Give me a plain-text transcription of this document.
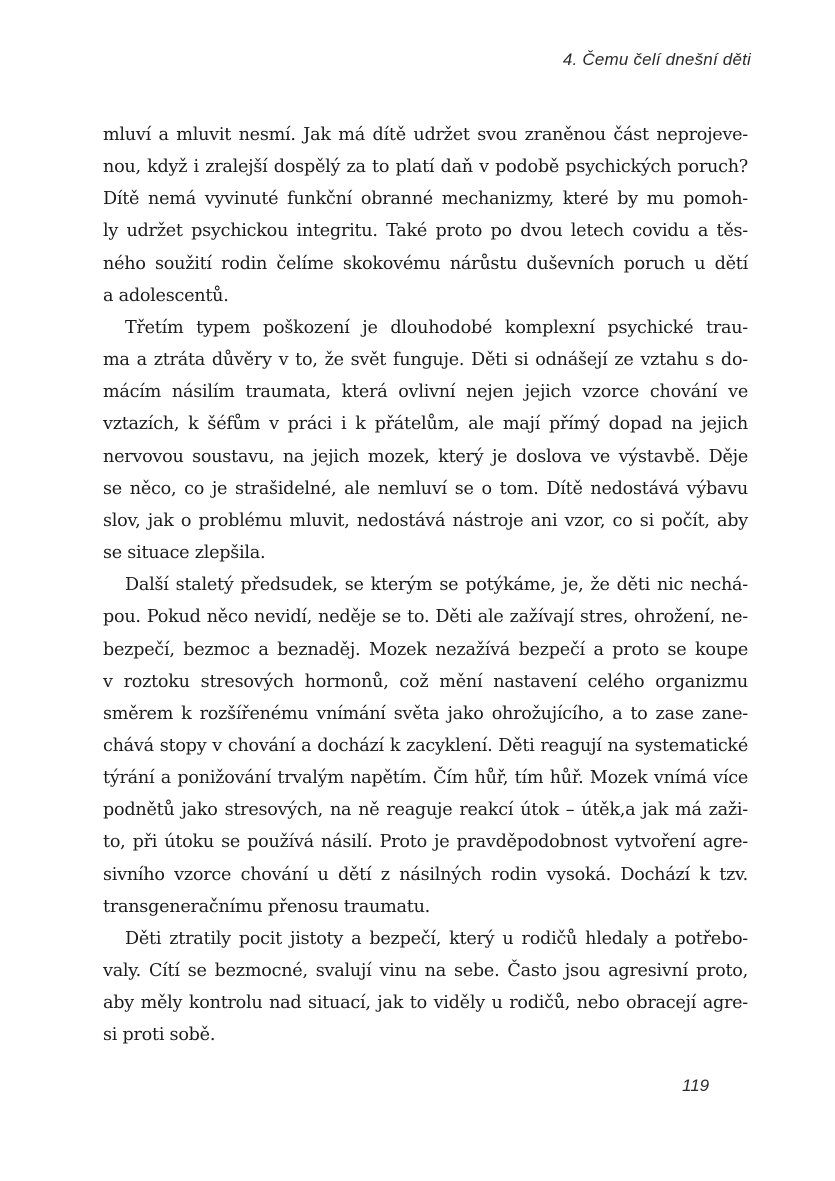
4. Čemu čelí dnešní děti
mluví a mluvit nesmí. Jak má dítě udržet svou zraněnou část neprojeve-
nou, když i zralejší dospělý za to platí daň v podobě psychických poruch?
Dítě nemá vyvinuté funkční obranné mechanizmy, které by mu pomoh-
ly udržet psychickou integritu. Také proto po dvou letech covidu a těs-
ného soužití rodin čelíme skokovému nárůstu duševních poruch u dětí
a adolescentů.
Třetím typem poškození je dlouhodobé komplexní psychické trau-
ma a ztráta důvěry v to, že svět funguje. Děti si odnášejí ze vztahu s do-
mácím násilím traumata, která ovlivní nejen jejich vzorce chování ve
vztazích, k šéfům v práci i k přátelům, ale mají přímý dopad na jejich
nervovou soustavu, na jejich mozek, který je doslova ve výstavbě. Děje
se něco, co je strašidelné, ale nemluví se o tom. Dítě nedostává výbavu
slov, jak o problému mluvit, nedostává nástroje ani vzor, co si počít, aby
se situace zlepšila.
Další staletý předsudek, se kterým se potýkáme, je, že děti nic nechá-
pou. Pokud něco nevidí, neděje se to. Děti ale zažívají stres, ohrožení, ne-
bezpečí, bezmoc a beznaděj. Mozek nezažívá bezpečí a proto se koupe
v roztoku stresových hormonů, což mění nastavení celého organizmu
směrem k rozšířenému vnímání světa jako ohrožujícího, a to zase zane-
chává stopy v chování a dochází k zacyklení. Děti reagují na systematické
týrání a ponižování trvalým napětím. Čím hůř, tím hůř. Mozek vnímá více
podnětů jako stresových, na ně reaguje reakcí útok – útěk,a jak má zaži-
to, při útoku se používá násilí. Proto je pravděpodobnost vytvoření agre-
sivního vzorce chování u dětí z násilných rodin vysoká. Dochází k tzv.
transgeneračnímu přenosu traumatu.
Děti ztratily pocit jistoty a bezpečí, který u rodičů hledaly a potřebo-
valy. Cítí se bezmocné, svalují vinu na sebe. Často jsou agresivní proto,
aby měly kontrolu nad situací, jak to viděly u rodičů, nebo obracejí agre-
si proti sobě.
119
